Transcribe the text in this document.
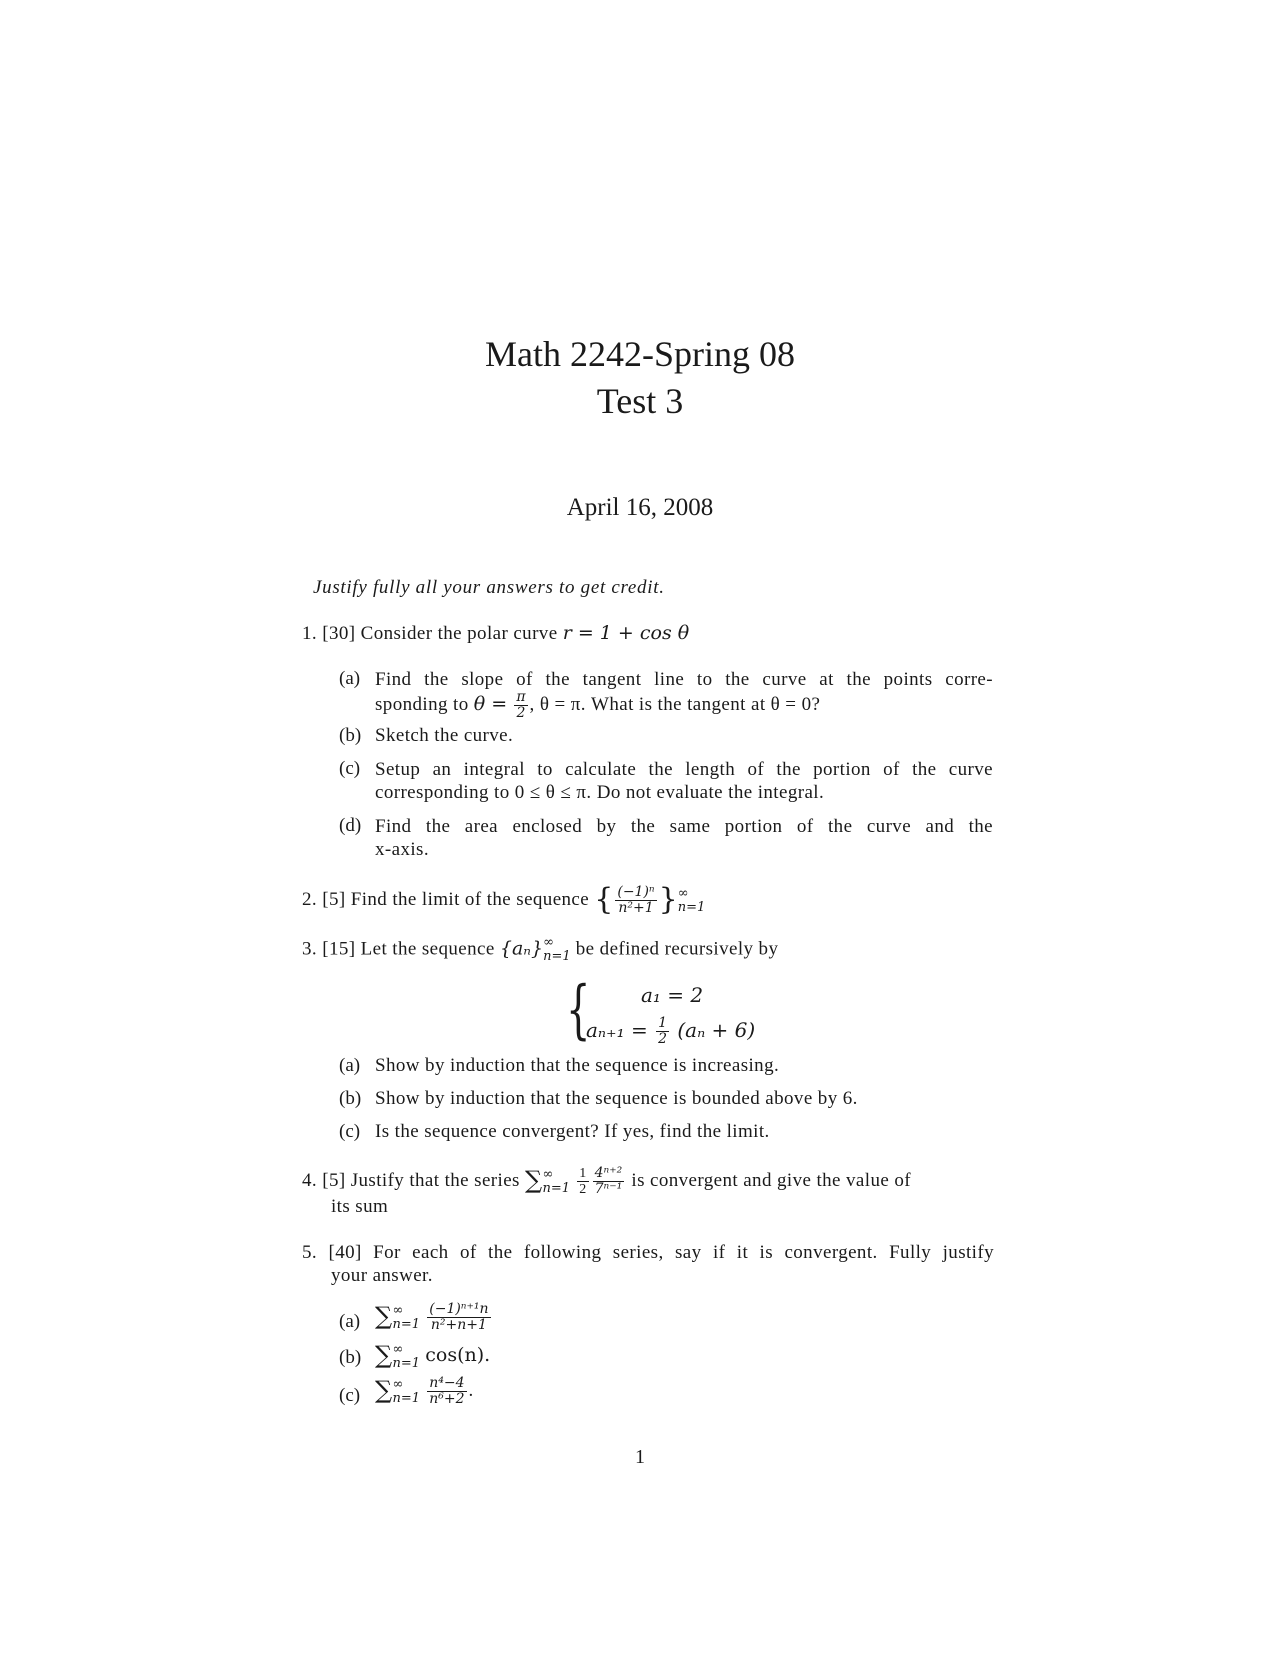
Math 2242-Spring 08
Test 3
April 16, 2008
Justify fully all your answers to get credit.
1. [30] Consider the polar curve r = 1 + cos θ
(a) Find the slope of the tangent line to the curve at the points corre-
sponding to $\theta = \frac{\pi}{2}$ , θ = π. What is the tangent at θ = 0?
(b) Sketch the curve.
(c) Setup an integral to calculate the length of the portion of the curve
corresponding to 0 ≤ θ ≤ π. Do not evaluate the integral.
(d) Find the area enclosed by the same portion of the curve and the
x-axis.
2. [5] Find the limit of the sequence { $\frac{\text{(−1)ⁿ}}{\text{n²+1}}$ } ∞
n=1
3. [15] Let the sequence {aₙ} ∞
n=1 be defined recursively by
{	a₁ = 2
$a_{n+1} = \frac{1}{2} (a_n + 6)$
(a) Show by induction that the sequence is increasing.
(b) Show by induction that the sequence is bounded above by 6.
(c) Is the sequence convergent? If yes, find the limit.
4. [5] Justify that the series ∑ ∞
n=1
$\frac{1}{2} \frac{\text{4ⁿ⁺²}}{\text{7ⁿ⁻¹}}$ is convergent and give the value of
its sum
5. [40] For each of the following series, say if it is convergent. Fully justify
your answer.
(a) ∑ ∞
n=1
$\frac{\text{(−1)ⁿ⁺¹n}}{\text{n²+n+1}}$
(b) ∑ ∞
n=1 cos(n).
(c) ∑ ∞
n=1
$\frac{\text{n⁴−4}}{\text{n⁶+2}}$ .
1
